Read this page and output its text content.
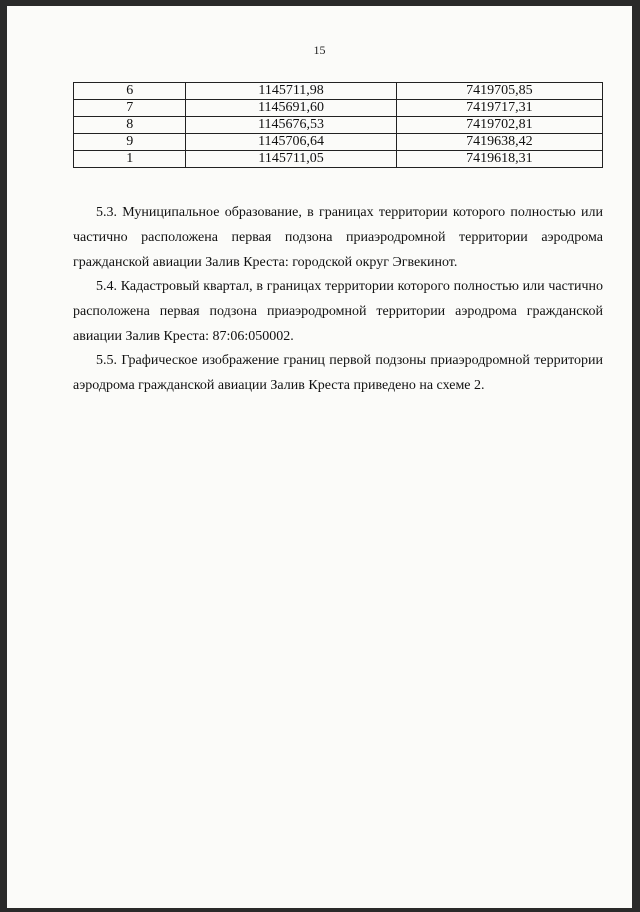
15
6	1145711,98	7419705,85
7	1145691,60	7419717,31
8	1145676,53	7419702,81
9	1145706,64	7419638,42
1	1145711,05	7419618,31

5.3. Муниципальное образование, в границах территории которого полностью или частично расположена первая подзона приаэродромной территории аэродрома гражданской авиации Залив Креста: городской округ Эгвекинот.

5.4. Кадастровый квартал, в границах территории которого полностью или частично расположена первая подзона приаэродромной территории аэродрома гражданской авиации Залив Креста: 87:06:050002.

5.5. Графическое изображение границ первой подзоны приаэродромной территории аэродрома гражданской авиации Залив Креста приведено на схеме 2.
